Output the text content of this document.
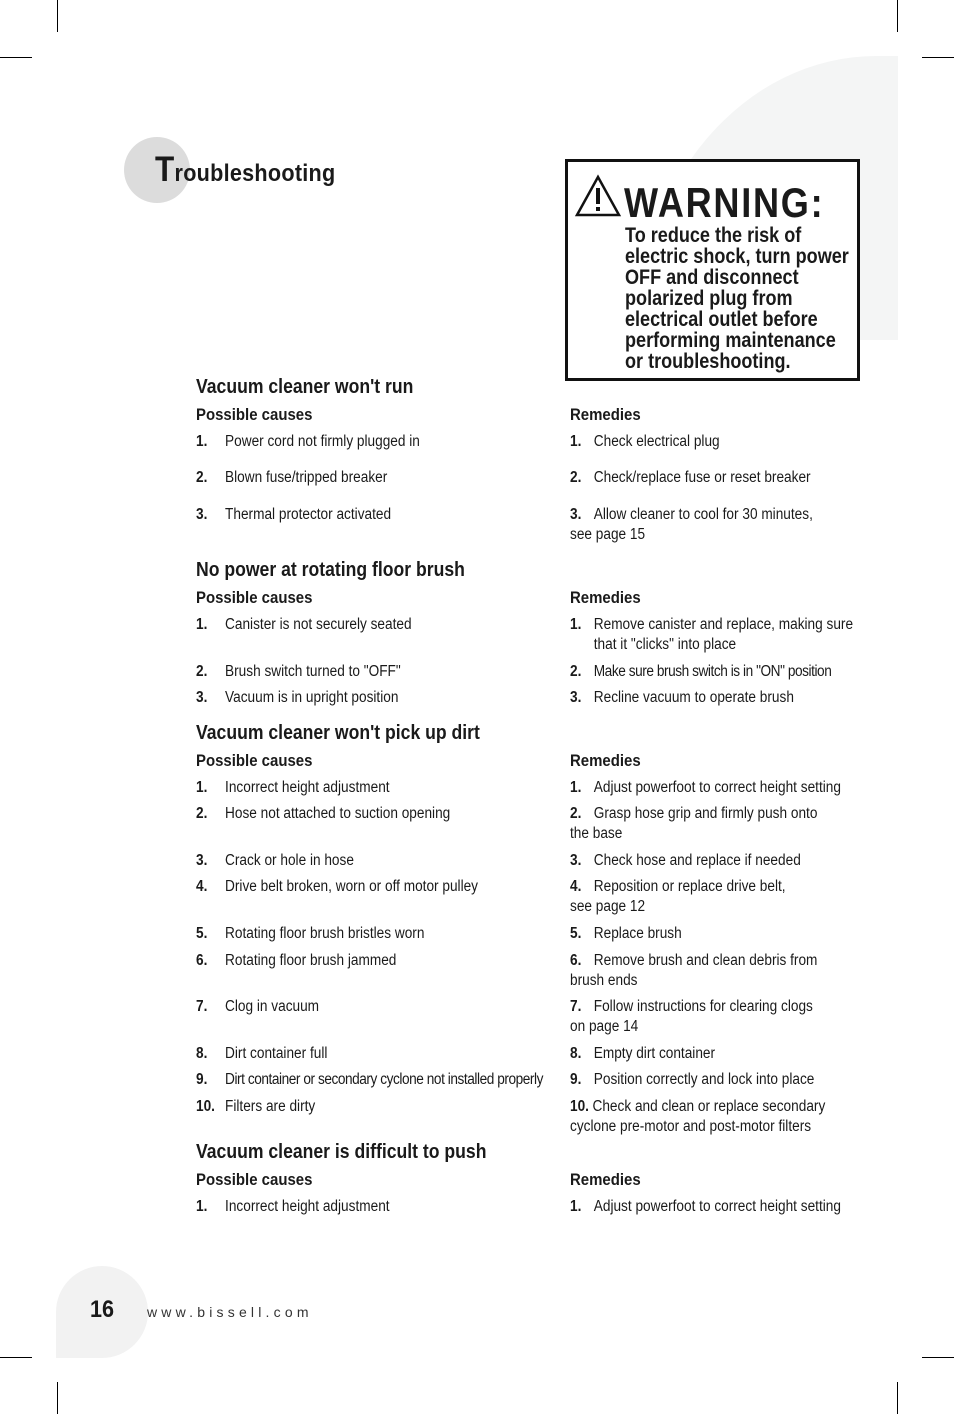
Troubleshooting

WARNING:

To reduce the risk of
electric shock, turn power
OFF and disconnect
polarized plug from
electrical outlet before
performing maintenance
or troubleshooting.

Vacuum cleaner won't run
Possible causes	Remedies
1. Power cord not firmly plugged in	1. Check electrical plug
2. Blown fuse/tripped breaker	2. Check/replace fuse or reset breaker
3. Thermal protector activated	3. Allow cleaner to cool for 30 minutes,
see page 15
No power at rotating floor brush
Possible causes	Remedies
1. Canister is not securely seated	1. Remove canister and replace, making sure
that it "clicks" into place
2. Brush switch turned to "OFF"	2. Make sure brush switch is in "ON" position
3. Vacuum is in upright position	3. Recline vacuum to operate brush
Vacuum cleaner won't pick up dirt
Possible causes	Remedies
1. Incorrect height adjustment	1. Adjust powerfoot to correct height setting
2. Hose not attached to suction opening	2. Grasp hose grip and firmly push onto
the base
3. Crack or hole in hose	3. Check hose and replace if needed
4. Drive belt broken, worn or off motor pulley	4. Reposition or replace drive belt,
see page 12
5. Rotating floor brush bristles worn	5. Replace brush
6. Rotating floor brush jammed	6. Remove brush and clean debris from
brush ends
7. Clog in vacuum	7. Follow instructions for clearing clogs
on page 14
8. Dirt container full	8. Empty dirt container
9. Dirt container or secondary cyclone not installed properly 9. Position correctly and lock into place
10. Filters are dirty	10. Check and clean or replace secondary
cyclone pre-motor and post-motor filters
Vacuum cleaner is difficult to push
Possible causes	Remedies
1. Incorrect height adjustment	1. Adjust powerfoot to correct height setting

16 www.bissell.com
